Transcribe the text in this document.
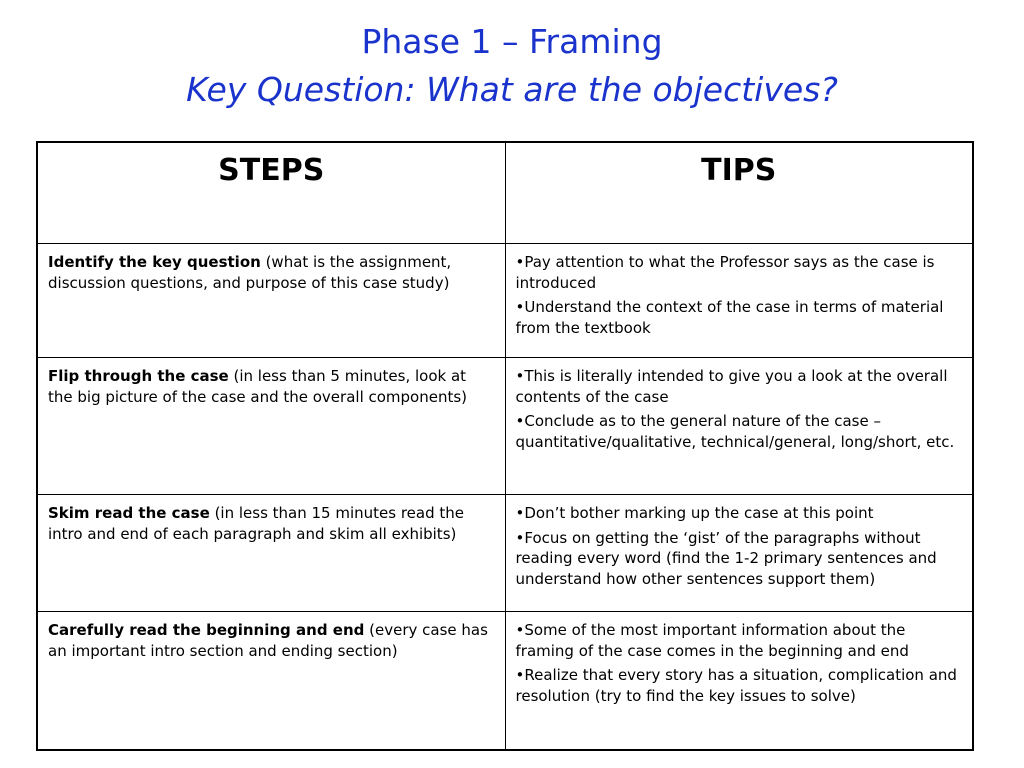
Phase 1 – Framing
Key Question: What are the objectives?
STEPS	TIPS
Identify the key question (what is the assignment, discussion questions, and purpose of this case study)	•Pay attention to what the Professor says as the case is introduced
•Understand the context of the case in terms of material from the textbook

Flip through the case (in less than 5 minutes, look at the big picture of the case and the overall components)	•This is literally intended to give you a look at the overall contents of the case
•Conclude as to the general nature of the case – quantitative/qualitative, technical/general, long/short, etc.

Skim read the case (in less than 15 minutes read the intro and end of each paragraph and skim all exhibits)	•Don’t bother marking up the case at this point
•Focus on getting the ‘gist’ of the paragraphs without reading every word (find the 1-2 primary sentences and understand how other sentences support them)

Carefully read the beginning and end (every case has an important intro section and ending section)	•Some of the most important information about the framing of the case comes in the beginning and end
•Realize that every story has a situation, complication and resolution (try to find the key issues to solve)
